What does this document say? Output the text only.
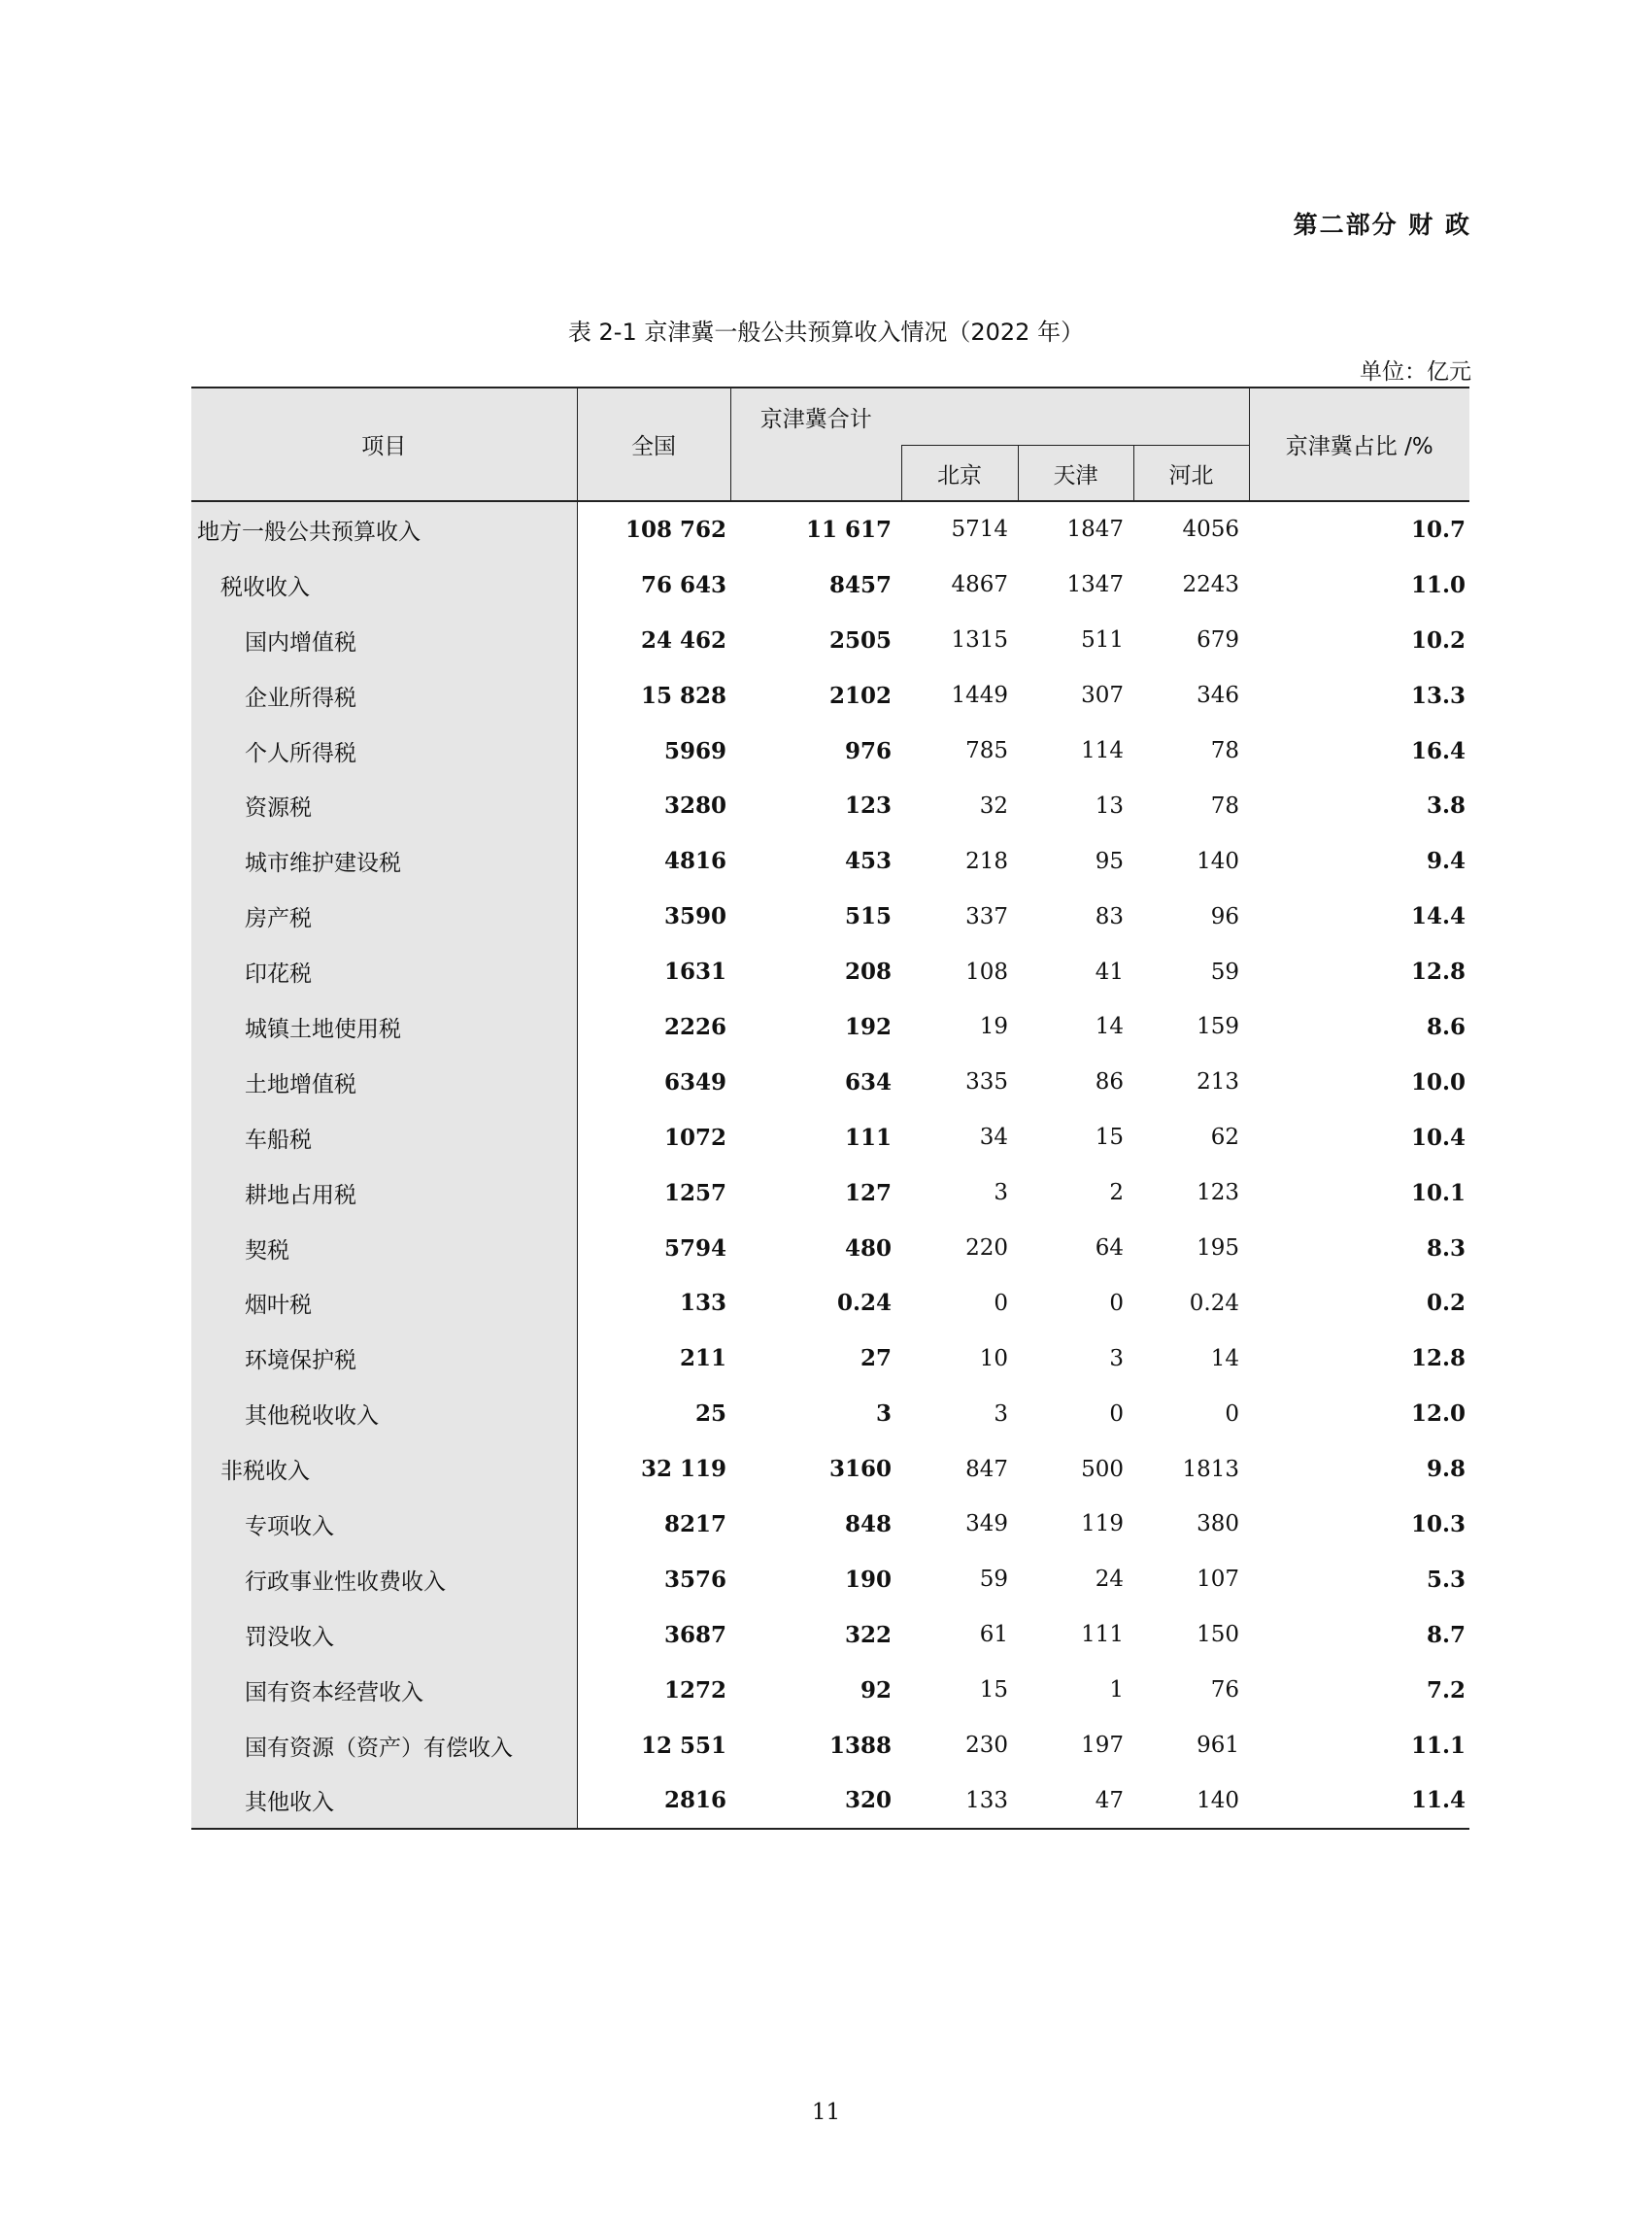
第二部分 财 政
表 2-1 京津冀一般公共预算收入情况（2022 年）
单位：亿元
项目	全国	京津冀合计				京津冀占比 /%
			北京	天津	河北	
地方一般公共预算收入	108 762	11 617	5714	1847	4056	10.7
税收收入	76 643	8457	4867	1347	2243	11.0
国内增值税	24 462	2505	1315	511	679	10.2
企业所得税	15 828	2102	1449	307	346	13.3
个人所得税	5969	976	785	114	78	16.4
资源税	3280	123	32	13	78	3.8
城市维护建设税	4816	453	218	95	140	9.4
房产税	3590	515	337	83	96	14.4
印花税	1631	208	108	41	59	12.8
城镇土地使用税	2226	192	19	14	159	8.6
土地增值税	6349	634	335	86	213	10.0
车船税	1072	111	34	15	62	10.4
耕地占用税	1257	127	3	2	123	10.1
契税	5794	480	220	64	195	8.3
烟叶税	133	0.24	0	0	0.24	0.2
环境保护税	211	27	10	3	14	12.8
其他税收收入	25	3	3	0	0	12.0
非税收入	32 119	3160	847	500	1813	9.8
专项收入	8217	848	349	119	380	10.3
行政事业性收费收入	3576	190	59	24	107	5.3
罚没收入	3687	322	61	111	150	8.7
国有资本经营收入	1272	92	15	1	76	7.2
国有资源（资产）有偿收入	12 551	1388	230	197	961	11.1
其他收入	2816	320	133	47	140	11.4
11
